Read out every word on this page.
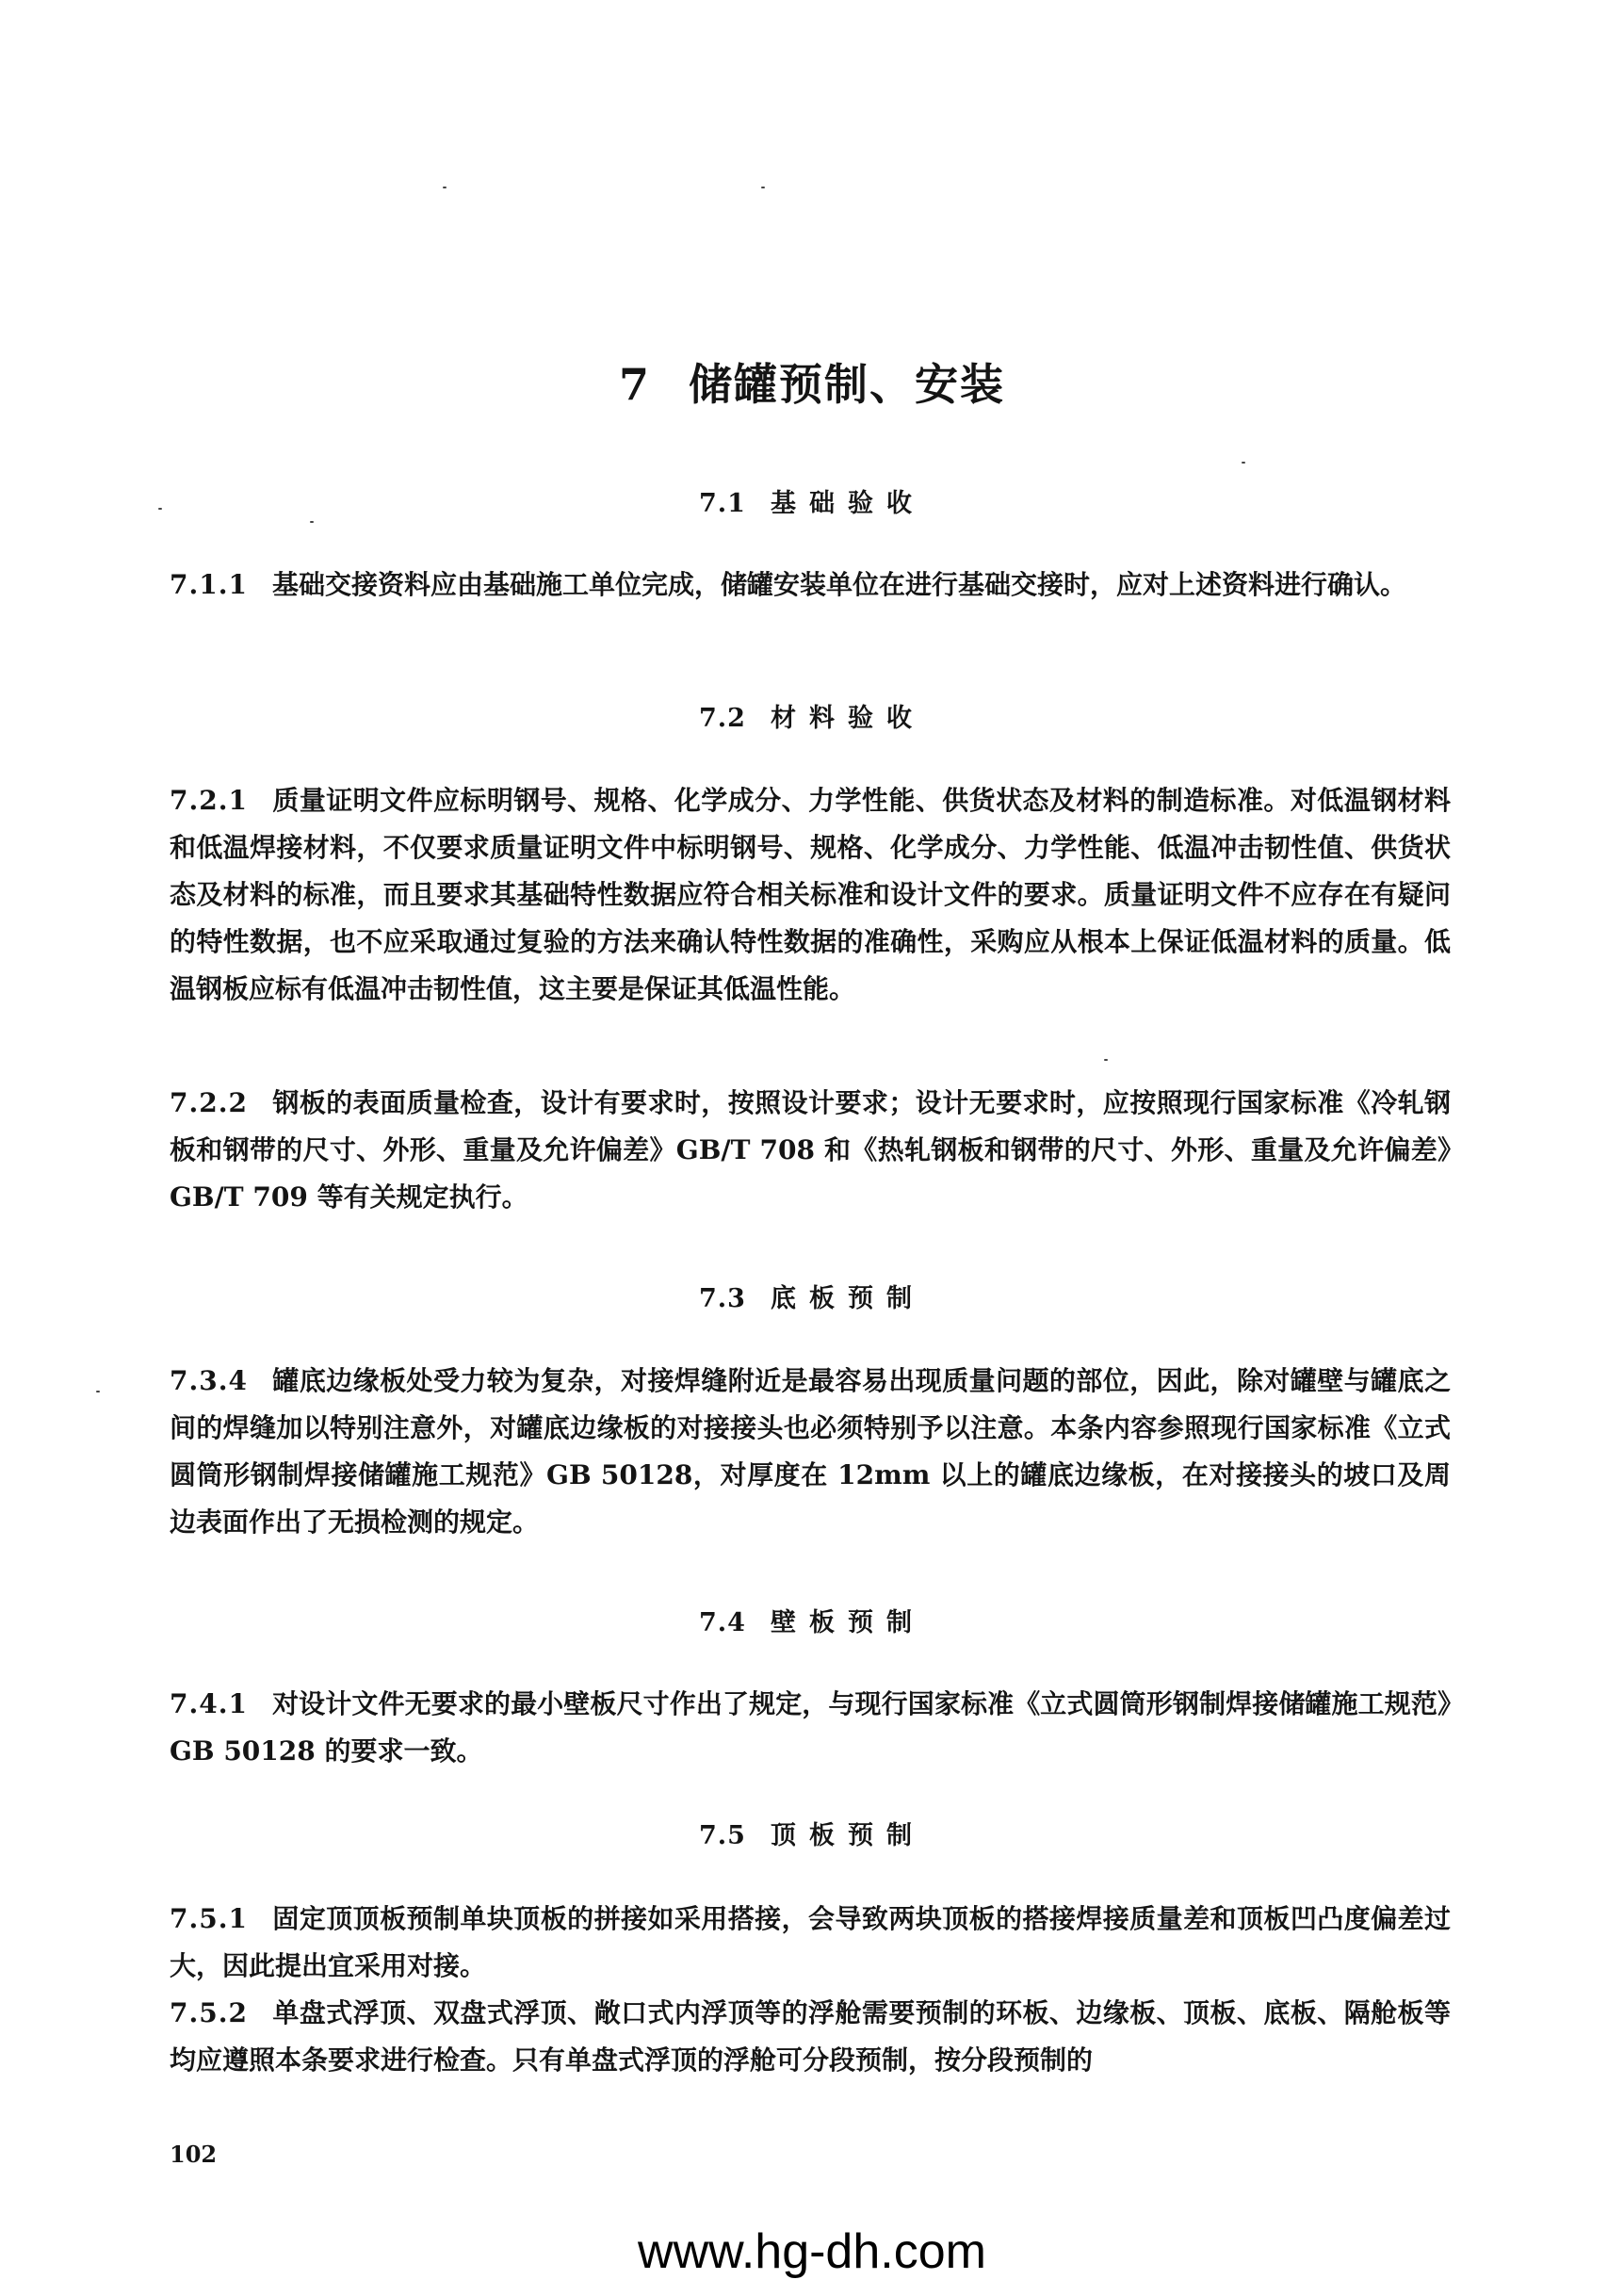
7 储罐预制、安装
7.1 基础验收

7.1.1 基础交接资料应由基础施工单位完成，储罐安装单位在进行基础交接时，应对上述资料进行确认。

7.2 材料验收

7.2.1 质量证明文件应标明钢号、规格、化学成分、力学性能、供货状态及材料的制造标准。对低温钢材料和低温焊接材料，不仅要求质量证明文件中标明钢号、规格、化学成分、力学性能、低温冲击韧性值、供货状态及材料的标准，而且要求其基础特性数据应符合相关标准和设计文件的要求。质量证明文件不应存在有疑问的特性数据，也不应采取通过复验的方法来确认特性数据的准确性，采购应从根本上保证低温材料的质量。低温钢板应标有低温冲击韧性值，这主要是保证其低温性能。

7.2.2 钢板的表面质量检查，设计有要求时，按照设计要求；设计无要求时，应按照现行国家标准《冷轧钢板和钢带的尺寸、外形、重量及允许偏差》GB/T 708 和《热轧钢板和钢带的尺寸、外形、重量及允许偏差》GB/T 709 等有关规定执行。

7.3 底板预制

7.3.4 罐底边缘板处受力较为复杂，对接焊缝附近是最容易出现质量问题的部位，因此，除对罐壁与罐底之间的焊缝加以特别注意外，对罐底边缘板的对接接头也必须特别予以注意。本条内容参照现行国家标准《立式圆筒形钢制焊接储罐施工规范》GB 50128，对厚度在 12mm 以上的罐底边缘板，在对接接头的坡口及周边表面作出了无损检测的规定。

7.4 壁板预制

7.4.1 对设计文件无要求的最小壁板尺寸作出了规定，与现行国家标准《立式圆筒形钢制焊接储罐施工规范》GB 50128 的要求一致。

7.5 顶板预制

7.5.1 固定顶顶板预制单块顶板的拼接如采用搭接，会导致两块顶板的搭接焊接质量差和顶板凹凸度偏差过大，因此提出宜采用对接。

7.5.2 单盘式浮顶、双盘式浮顶、敞口式内浮顶等的浮舱需要预制的环板、边缘板、顶板、底板、隔舱板等均应遵照本条要求进行检查。只有单盘式浮顶的浮舱可分段预制，按分段预制的

102
www.hg-dh.com
